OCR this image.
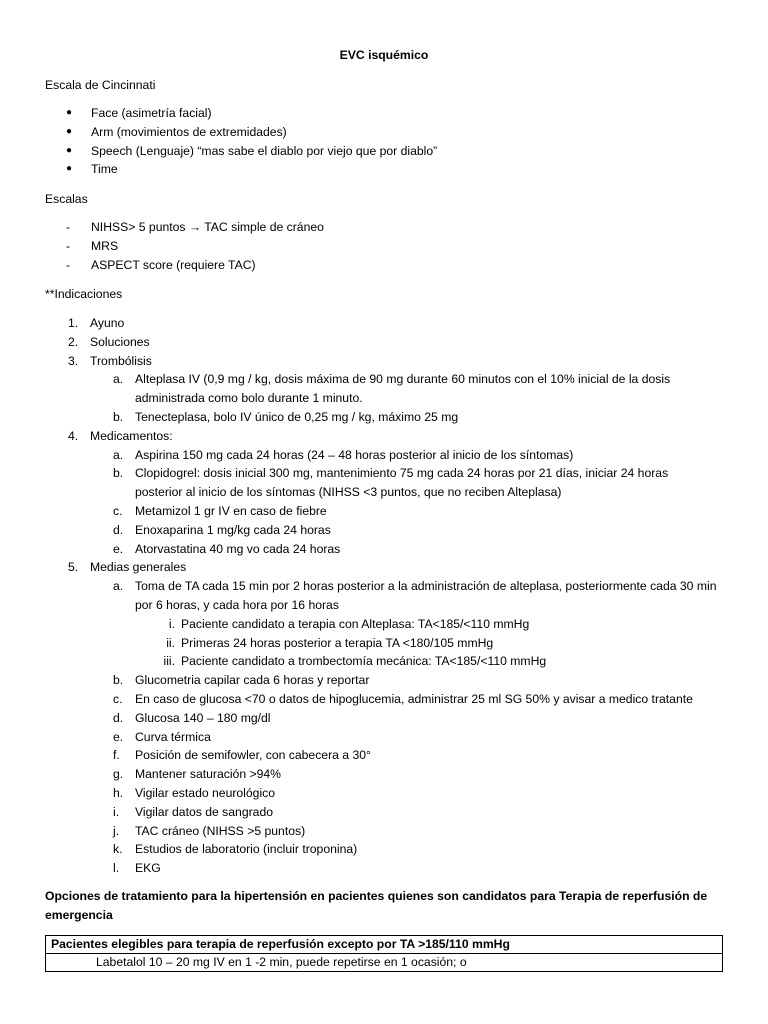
EVC isquémico
Escala de Cincinnati
● Face (asimetría facial)
● Arm (movimientos de extremidades)
● Speech (Lenguaje) “mas sabe el diablo por viejo que por diablo”
● Time
Escalas
- NIHSS> 5 puntos → TAC simple de cráneo
- MRS
- ASPECT score (requiere TAC)
**Indicaciones
1. Ayuno
2. Soluciones
3. Trombólisis
a. Alteplasa IV (0,9 mg / kg, dosis máxima de 90 mg durante 60 minutos con el 10% inicial de la dosis administrada como bolo durante 1 minuto.
b. Tenecteplasa, bolo IV único de 0,25 mg / kg, máximo 25 mg
4. Medicamentos:
a. Aspirina 150 mg cada 24 horas (24 – 48 horas posterior al inicio de los síntomas)
b. Clopidogrel: dosis inicial 300 mg, mantenimiento 75 mg cada 24 horas por 21 días, iniciar 24 horas posterior al inicio de los síntomas (NIHSS <3 puntos, que no reciben Alteplasa)
c. Metamizol 1 gr IV en caso de fiebre
d. Enoxaparina 1 mg/kg cada 24 horas
e. Atorvastatina 40 mg vo cada 24 horas
5. Medias generales
a. Toma de TA cada 15 min por 2 horas posterior a la administración de alteplasa, posteriormente cada 30 min por 6 horas, y cada hora por 16 horas
i. Paciente candidato a terapia con Alteplasa: TA<185/<110 mmHg
ii. Primeras 24 horas posterior a terapia TA <180/105 mmHg
iii. Paciente candidato a trombectomía mecánica: TA<185/<110 mmHg
b. Glucometria capilar cada 6 horas y reportar
c. En caso de glucosa <70 o datos de hipoglucemia, administrar 25 ml SG 50% y avisar a medico tratante
d. Glucosa 140 – 180 mg/dl
e. Curva térmica
f. Posición de semifowler, con cabecera a 30°
g. Mantener saturación >94%
h. Vigilar estado neurológico
i. Vigilar datos de sangrado
j. TAC cráneo (NIHSS >5 puntos)
k. Estudios de laboratorio (incluir troponina)
l. EKG
Opciones de tratamiento para la hipertensión en pacientes quienes son candidatos para Terapia de reperfusión de emergencia
Pacientes elegibles para terapia de reperfusión excepto por TA >185/110 mmHg
Labetalol 10 – 20 mg IV en 1 -2 min, puede repetirse en 1 ocasión; o
